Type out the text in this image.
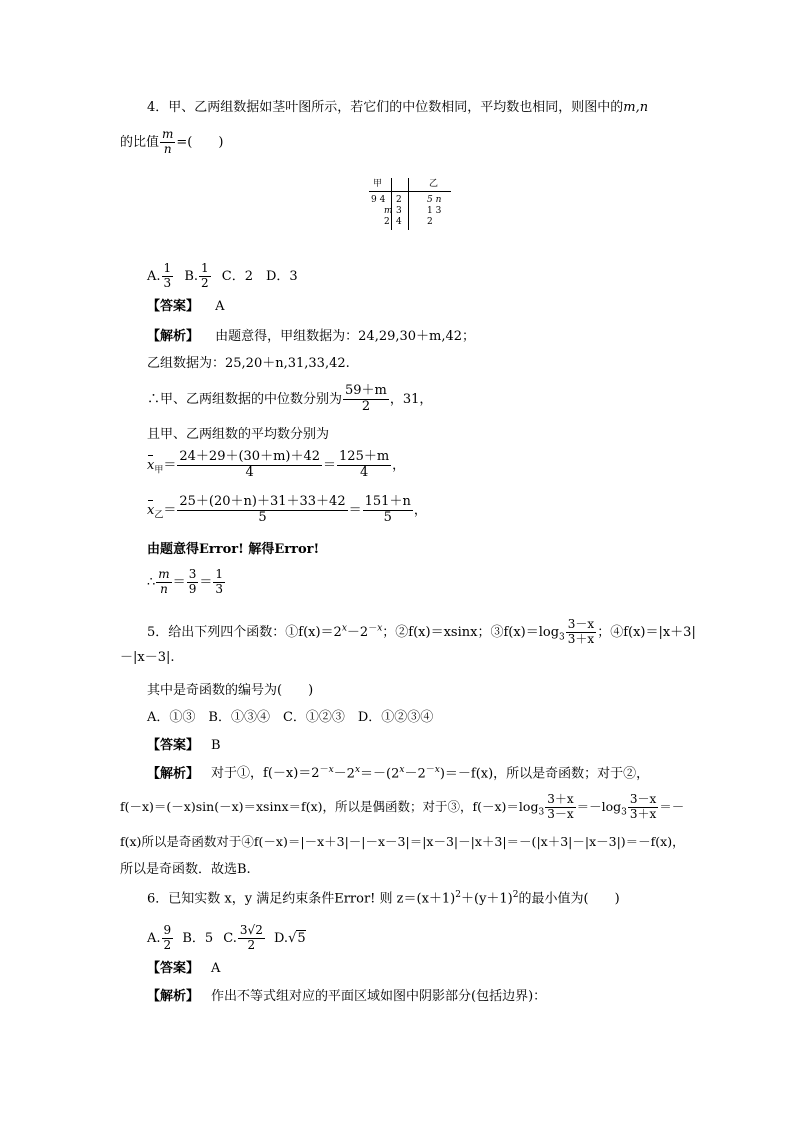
4．甲、乙两组数据如茎叶图所示，若它们的中位数相同，平均数也相同，则图中的m,n
的比值 $\frac{m}{n}$ =(　　)
甲	乙
9 4 2	5 n
m 3	1 3
2 4	2
A. $\frac{1}{3} B$. $\frac{1}{2}$ C．2　D．3
【答案】 A
【解析】 由题意得，甲组数据为：24,29,30＋m,42；
乙组数据为：25,20＋n,31,33,42.
∴甲、乙两组数据的中位数分别为 $\frac{59+m}{2}$ ，31，
且甲、乙两组数的平均数分别为
$x_甲= \frac{24+29+(30+m)+42}{4} = \frac{125+m}{4}$ ，
$x_乙= \frac{25+(20+n)+31+33+42}{5} = \frac{151+n}{5}$ ，
由题意得Error! 解得Error!
∴ $\frac{m}{n} = \frac{3}{9} = \frac{1}{3}$
5．给出下列四个函数：$①f(x)=2^x-2^{-x}$；②f(x)＝xsinx；$③f(x)=\log_3 \frac{3-x}{3+x}$ ；④f(x)＝|x＋3|
－|x－3|.
其中是奇函数的编号为(　　)
A．①③　B．①③④　C．①②③　D．①②③④
【答案】 B
【解析】 对于①，$f(-x)=2^{-x}-2^x=-(2^x-2^{-x})=-f(x)$，所以是奇函数；对于②，
f(－x)＝(－x)sin(－x)＝xsinx＝f(x)，所以是偶函数；对于③，$f(-x)=\log_3 \frac{3+x}{3-x} =-\log_3 \frac{3-x}{3+x}$ ＝－
f(x)所以是奇函数对于④f(－x)＝|－x＋3|－|－x－3|＝|x－3|－|x＋3|＝－(|x＋3|－|x－3|)＝－f(x)，
所以是奇函数．故选B.
6．已知实数 x，y 满足约束条件Error! 则 $z=(x+1)^2+(y+1)^2$的最小值为(　　)
A. $\frac{9}{2}$ B．5 C. $\frac{3√2}{2} D.√5$
【答案】 A
【解析】 作出不等式组对应的平面区域如图中阴影部分(包括边界)：
